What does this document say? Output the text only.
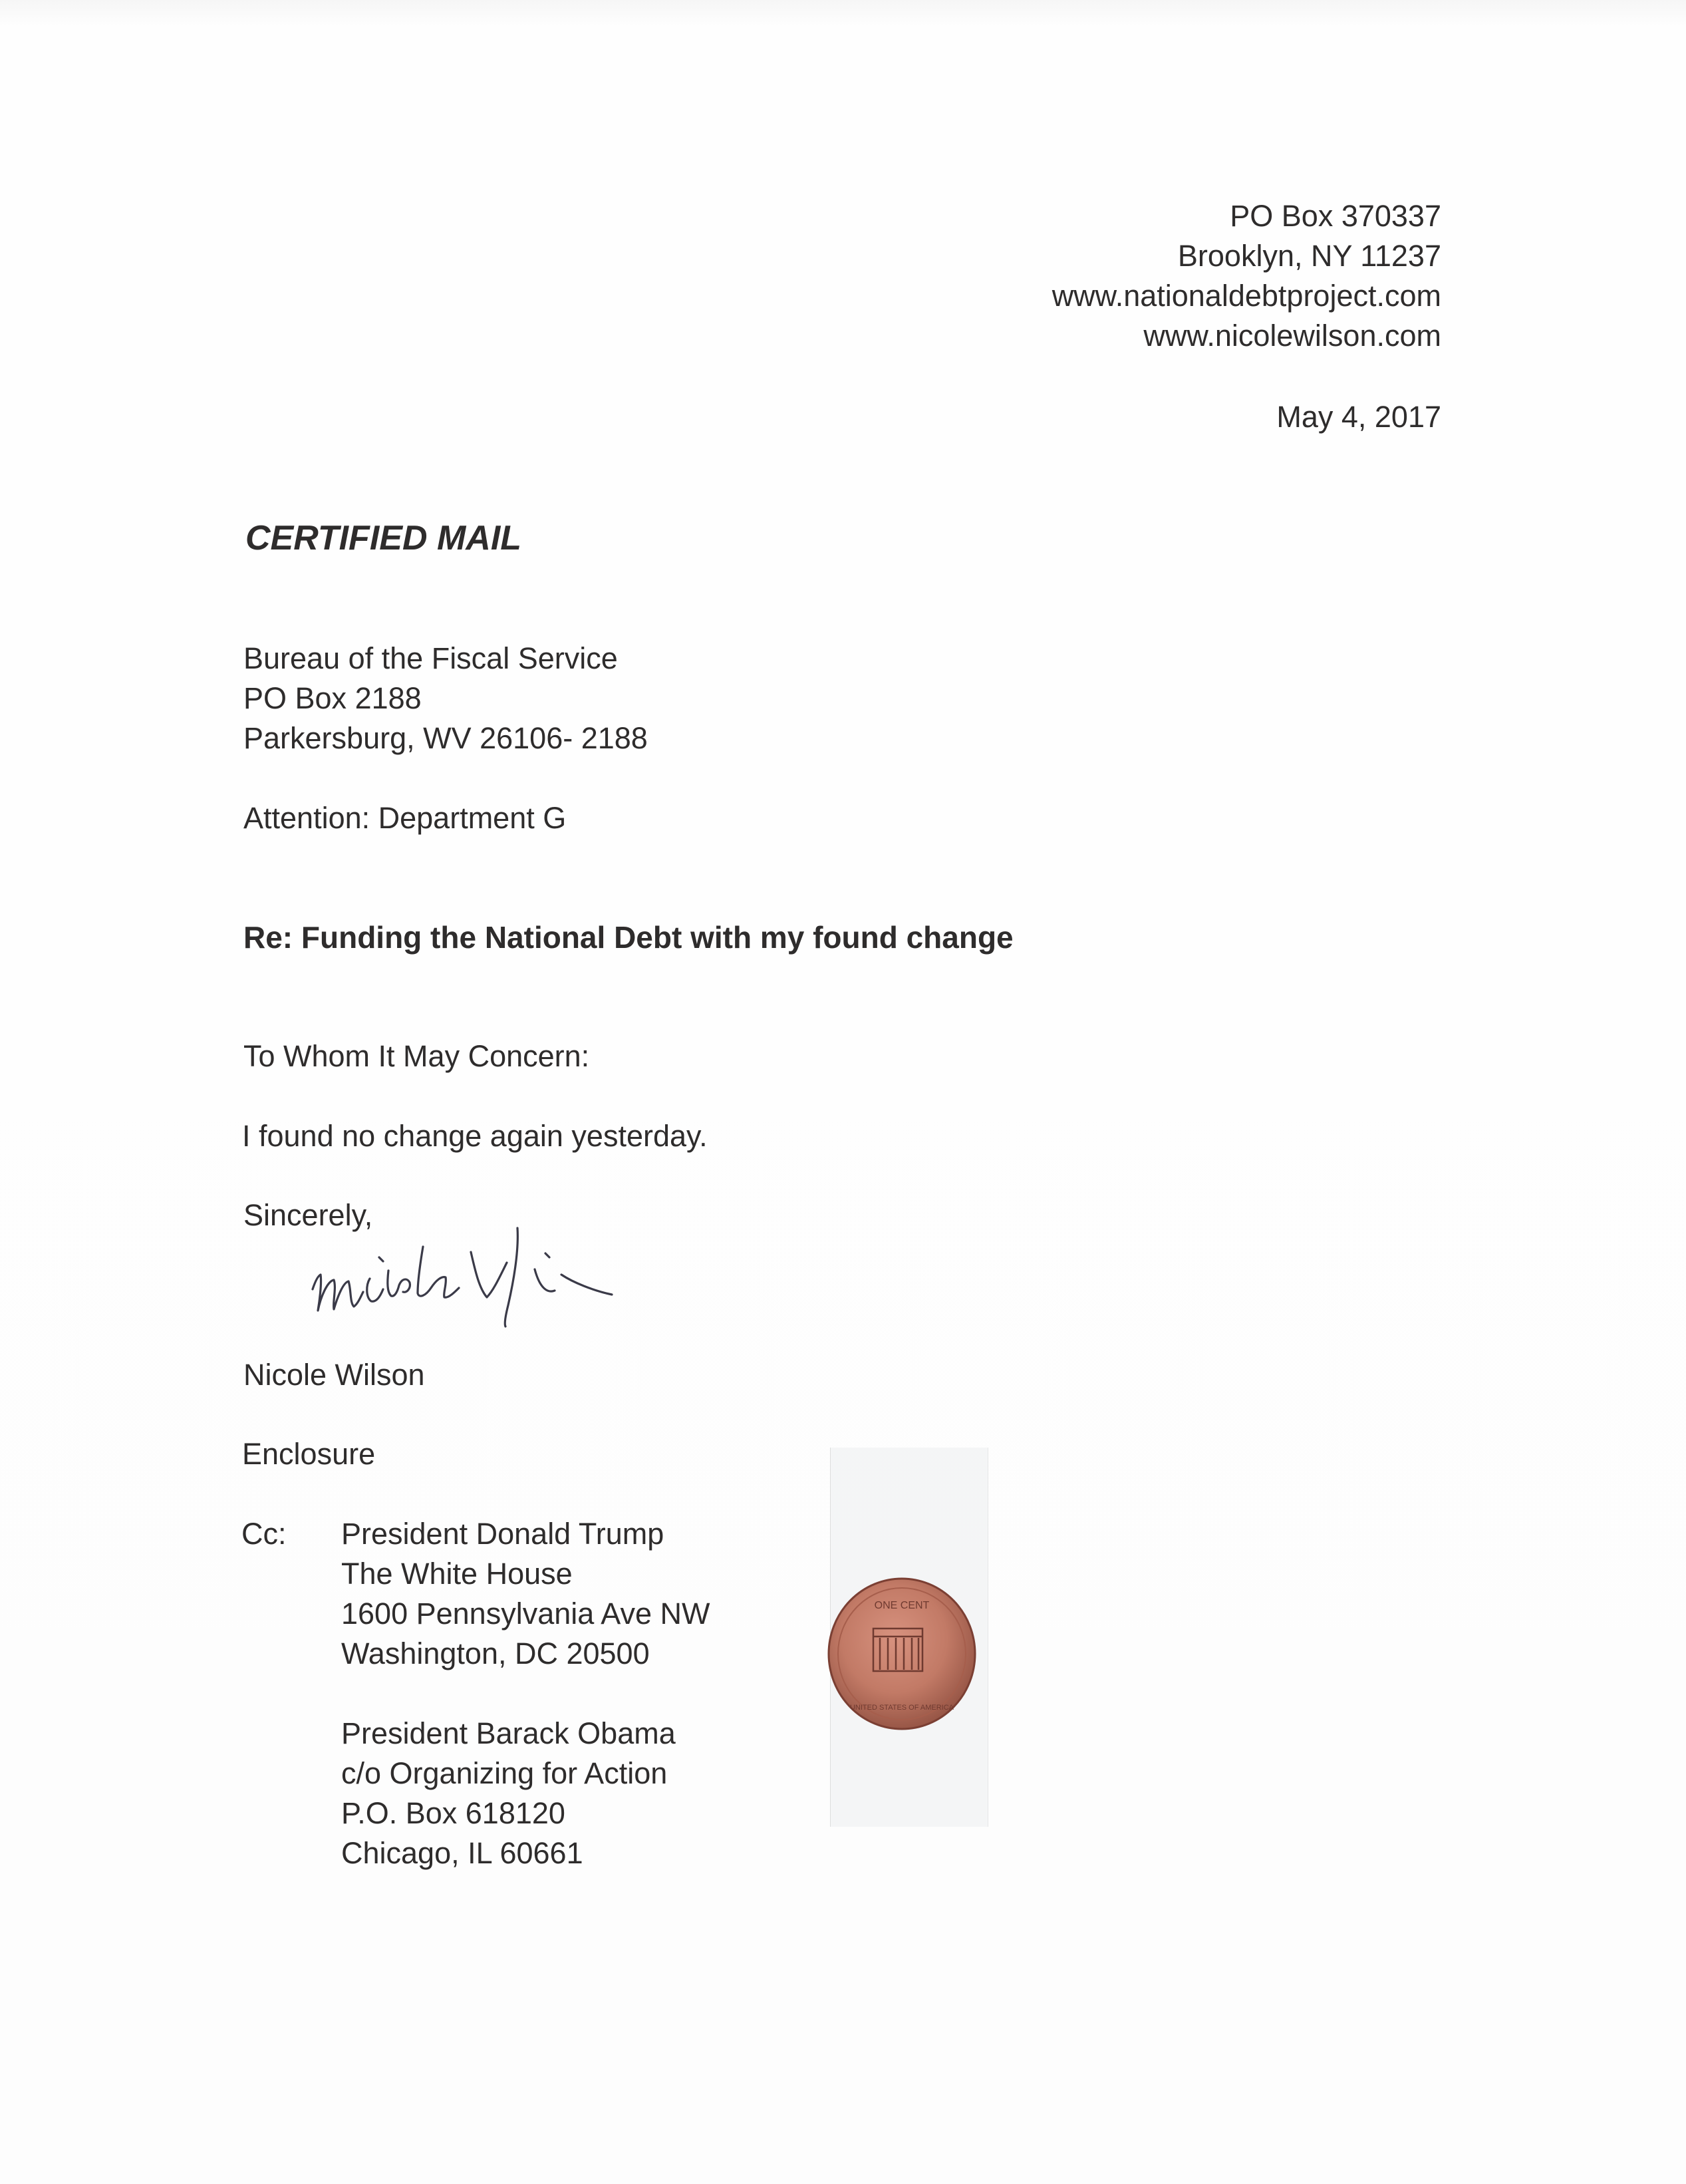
PO Box 370337
Brooklyn, NY 11237
www.nationaldebtproject.com
www.nicolewilson.com
May 4, 2017
CERTIFIED MAIL
Bureau of the Fiscal Service
PO Box 2188
Parkersburg, WV 26106- 2188
Attention: Department G
Re: Funding the National Debt with my found change
To Whom It May Concern:
I found no change again yesterday.
Sincerely,
Nicole Wilson
Enclosure
Cc: President Donald Trump
The White House
1600 Pennsylvania Ave NW
Washington, DC 20500
President Barack Obama
c/o Organizing for Action
P.O. Box 618120
Chicago, IL 60661
ONE CENT
UNITED STATES OF AMERICA
